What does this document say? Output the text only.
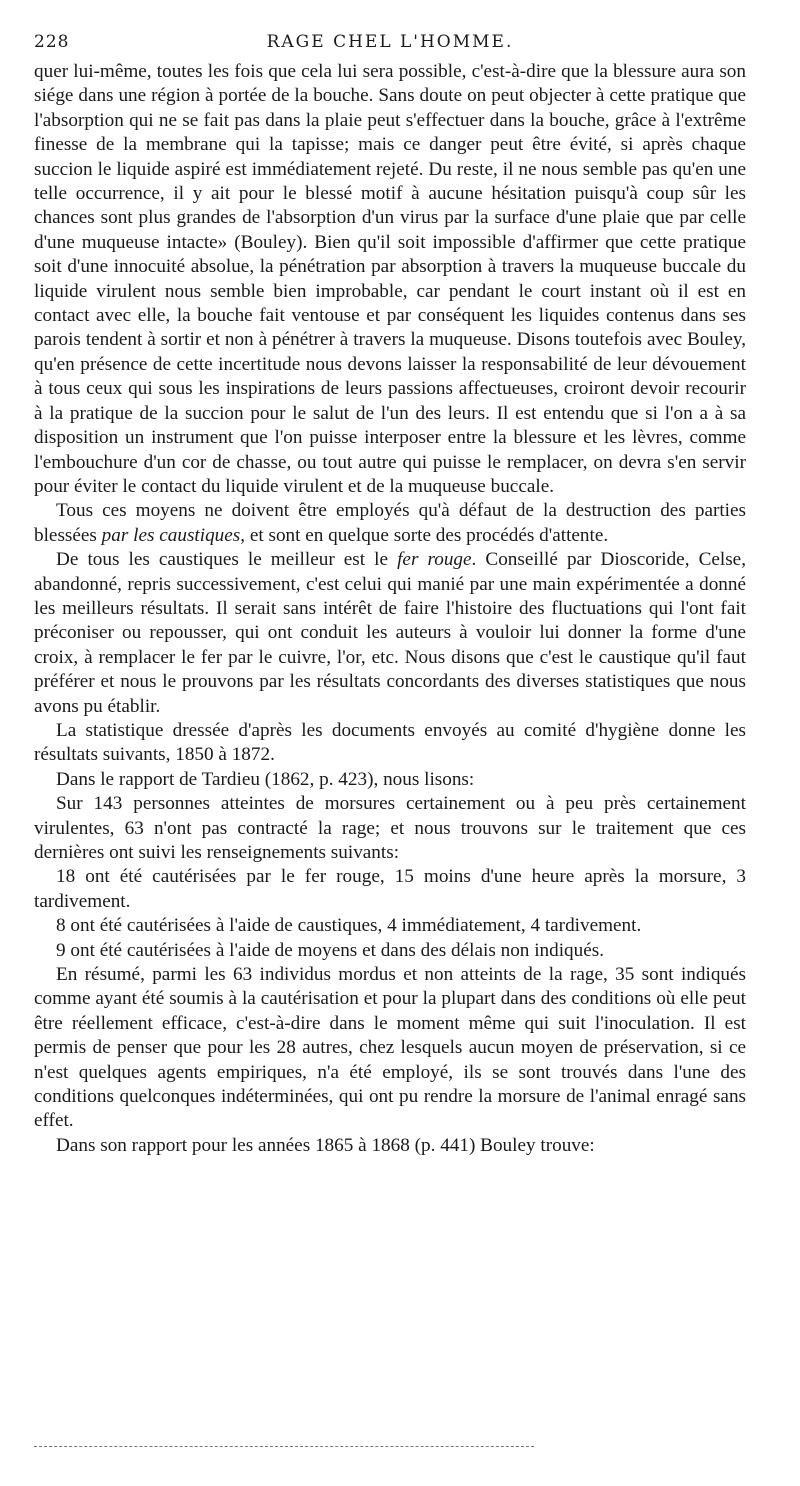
228	RAGE CHEL L'HOMME.

quer lui-même, toutes les fois que cela lui sera possible, c'est-à-dire que la blessure aura son siége dans une région à portée de la bouche. Sans doute on peut objecter à cette pratique que l'absorption qui ne se fait pas dans la plaie peut s'effectuer dans la bouche, grâce à l'extrême finesse de la membrane qui la tapisse; mais ce danger peut être évité, si après chaque succion le liquide aspiré est immédiatement rejeté. Du reste, il ne nous semble pas qu'en une telle occurrence, il y ait pour le blessé motif à aucune hésitation puisqu'à coup sûr les chances sont plus grandes de l'absorption d'un virus par la surface d'une plaie que par celle d'une muqueuse intacte» (Bouley). Bien qu'il soit impossible d'affirmer que cette pratique soit d'une innocuité absolue, la pénétration par absorption à travers la muqueuse buccale du liquide virulent nous semble bien improbable, car pendant le court instant où il est en contact avec elle, la bouche fait ventouse et par conséquent les liquides contenus dans ses parois tendent à sortir et non à pénétrer à travers la muqueuse. Disons toutefois avec Bouley, qu'en présence de cette incertitude nous devons laisser la responsabilité de leur dévouement à tous ceux qui sous les inspirations de leurs passions affectueuses, croiront devoir recourir à la pratique de la succion pour le salut de l'un des leurs. Il est entendu que si l'on a à sa disposition un instrument que l'on puisse interposer entre la blessure et les lèvres, comme l'embouchure d'un cor de chasse, ou tout autre qui puisse le remplacer, on devra s'en servir pour éviter le contact du liquide virulent et de la muqueuse buccale.

Tous ces moyens ne doivent être employés qu'à défaut de la destruction des parties blessées par les caustiques, et sont en quelque sorte des procédés d'attente.

De tous les caustiques le meilleur est le fer rouge. Conseillé par Dioscoride, Celse, abandonné, repris successivement, c'est celui qui manié par une main expérimentée a donné les meilleurs résultats. Il serait sans intérêt de faire l'histoire des fluctuations qui l'ont fait préconiser ou repousser, qui ont conduit les auteurs à vouloir lui donner la forme d'une croix, à remplacer le fer par le cuivre, l'or, etc. Nous disons que c'est le caustique qu'il faut préférer et nous le prouvons par les résultats concordants des diverses statistiques que nous avons pu établir.

La statistique dressée d'après les documents envoyés au comité d'hygiène donne les résultats suivants, 1850 à 1872.

Dans le rapport de Tardieu (1862, p. 423), nous lisons:

Sur 143 personnes atteintes de morsures certainement ou à peu près certainement virulentes, 63 n'ont pas contracté la rage; et nous trouvons sur le traitement que ces dernières ont suivi les renseignements suivants:

18 ont été cautérisées par le fer rouge, 15 moins d'une heure après la morsure, 3 tardivement.

8 ont été cautérisées à l'aide de caustiques, 4 immédiatement, 4 tardivement.

9 ont été cautérisées à l'aide de moyens et dans des délais non indiqués.

En résumé, parmi les 63 individus mordus et non atteints de la rage, 35 sont indiqués comme ayant été soumis à la cautérisation et pour la plupart dans des conditions où elle peut être réellement efficace, c'est-à-dire dans le moment même qui suit l'inoculation. Il est permis de penser que pour les 28 autres, chez lesquels aucun moyen de préservation, si ce n'est quelques agents empiriques, n'a été employé, ils se sont trouvés dans l'une des conditions quelconques indéterminées, qui ont pu rendre la morsure de l'animal enragé sans effet.

Dans son rapport pour les années 1865 à 1868 (p. 441) Bouley trouve:
